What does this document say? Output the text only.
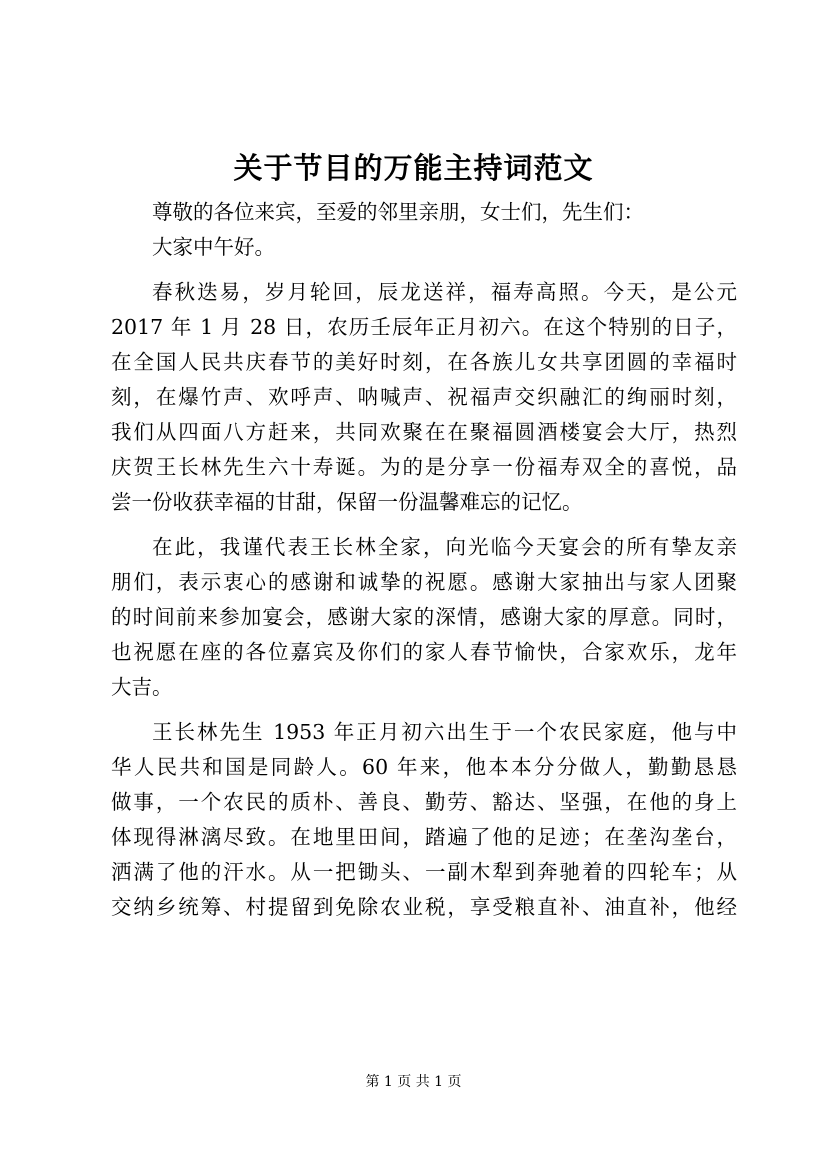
关于节目的万能主持词范文
尊敬的各位来宾，至爱的邻里亲朋，女士们，先生们：
大家中午好。
春秋迭易，岁月轮回，辰龙送祥，福寿高照。今天，是公元
2017 年 1 月 28 日，农历壬辰年正月初六。在这个特别的日子，
在全国人民共庆春节的美好时刻，在各族儿女共享团圆的幸福时
刻，在爆竹声、欢呼声、呐喊声、祝福声交织融汇的绚丽时刻，
我们从四面八方赶来，共同欢聚在在聚福圆酒楼宴会大厅，热烈
庆贺王长林先生六十寿诞。为的是分享一份福寿双全的喜悦，品
尝一份收获幸福的甘甜，保留一份温馨难忘的记忆。
在此，我谨代表王长林全家，向光临今天宴会的所有挚友亲
朋们，表示衷心的感谢和诚挚的祝愿。感谢大家抽出与家人团聚
的时间前来参加宴会，感谢大家的深情，感谢大家的厚意。同时，
也祝愿在座的各位嘉宾及你们的家人春节愉快，合家欢乐，龙年
大吉。
王长林先生 1953 年正月初六出生于一个农民家庭，他与中
华人民共和国是同龄人。60 年来，他本本分分做人，勤勤恳恳
做事，一个农民的质朴、善良、勤劳、豁达、坚强，在他的身上
体现得淋漓尽致。在地里田间，踏遍了他的足迹；在垄沟垄台，
洒满了他的汗水。从一把锄头、一副木犁到奔驰着的四轮车；从
交纳乡统筹、村提留到免除农业税，享受粮直补、油直补，他经
第 1 页 共 1 页
